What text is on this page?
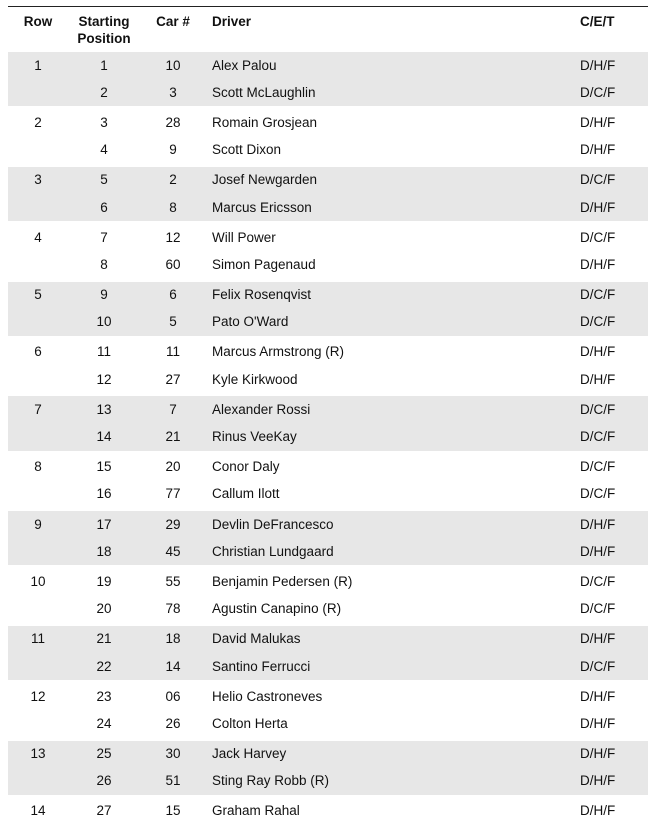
Row	Starting Position	Car #	Driver	C/E/T
1	1	10	Alex Palou	D/H/F
	2	3	Scott McLaughlin	D/C/F
2	3	28	Romain Grosjean	D/H/F
	4	9	Scott Dixon	D/H/F
3	5	2	Josef Newgarden	D/C/F
	6	8	Marcus Ericsson	D/H/F
4	7	12	Will Power	D/C/F
	8	60	Simon Pagenaud	D/H/F
5	9	6	Felix Rosenqvist	D/C/F
	10	5	Pato O'Ward	D/C/F
6	11	11	Marcus Armstrong (R)	D/H/F
	12	27	Kyle Kirkwood	D/H/F
7	13	7	Alexander Rossi	D/C/F
	14	21	Rinus VeeKay	D/C/F
8	15	20	Conor Daly	D/C/F
	16	77	Callum Ilott	D/C/F
9	17	29	Devlin DeFrancesco	D/H/F
	18	45	Christian Lundgaard	D/H/F
10	19	55	Benjamin Pedersen (R)	D/C/F
	20	78	Agustin Canapino (R)	D/C/F
11	21	18	David Malukas	D/H/F
	22	14	Santino Ferrucci	D/C/F
12	23	06	Helio Castroneves	D/H/F
	24	26	Colton Herta	D/H/F
13	25	30	Jack Harvey	D/H/F
	26	51	Sting Ray Robb (R)	D/H/F
14	27	15	Graham Rahal	D/H/F
